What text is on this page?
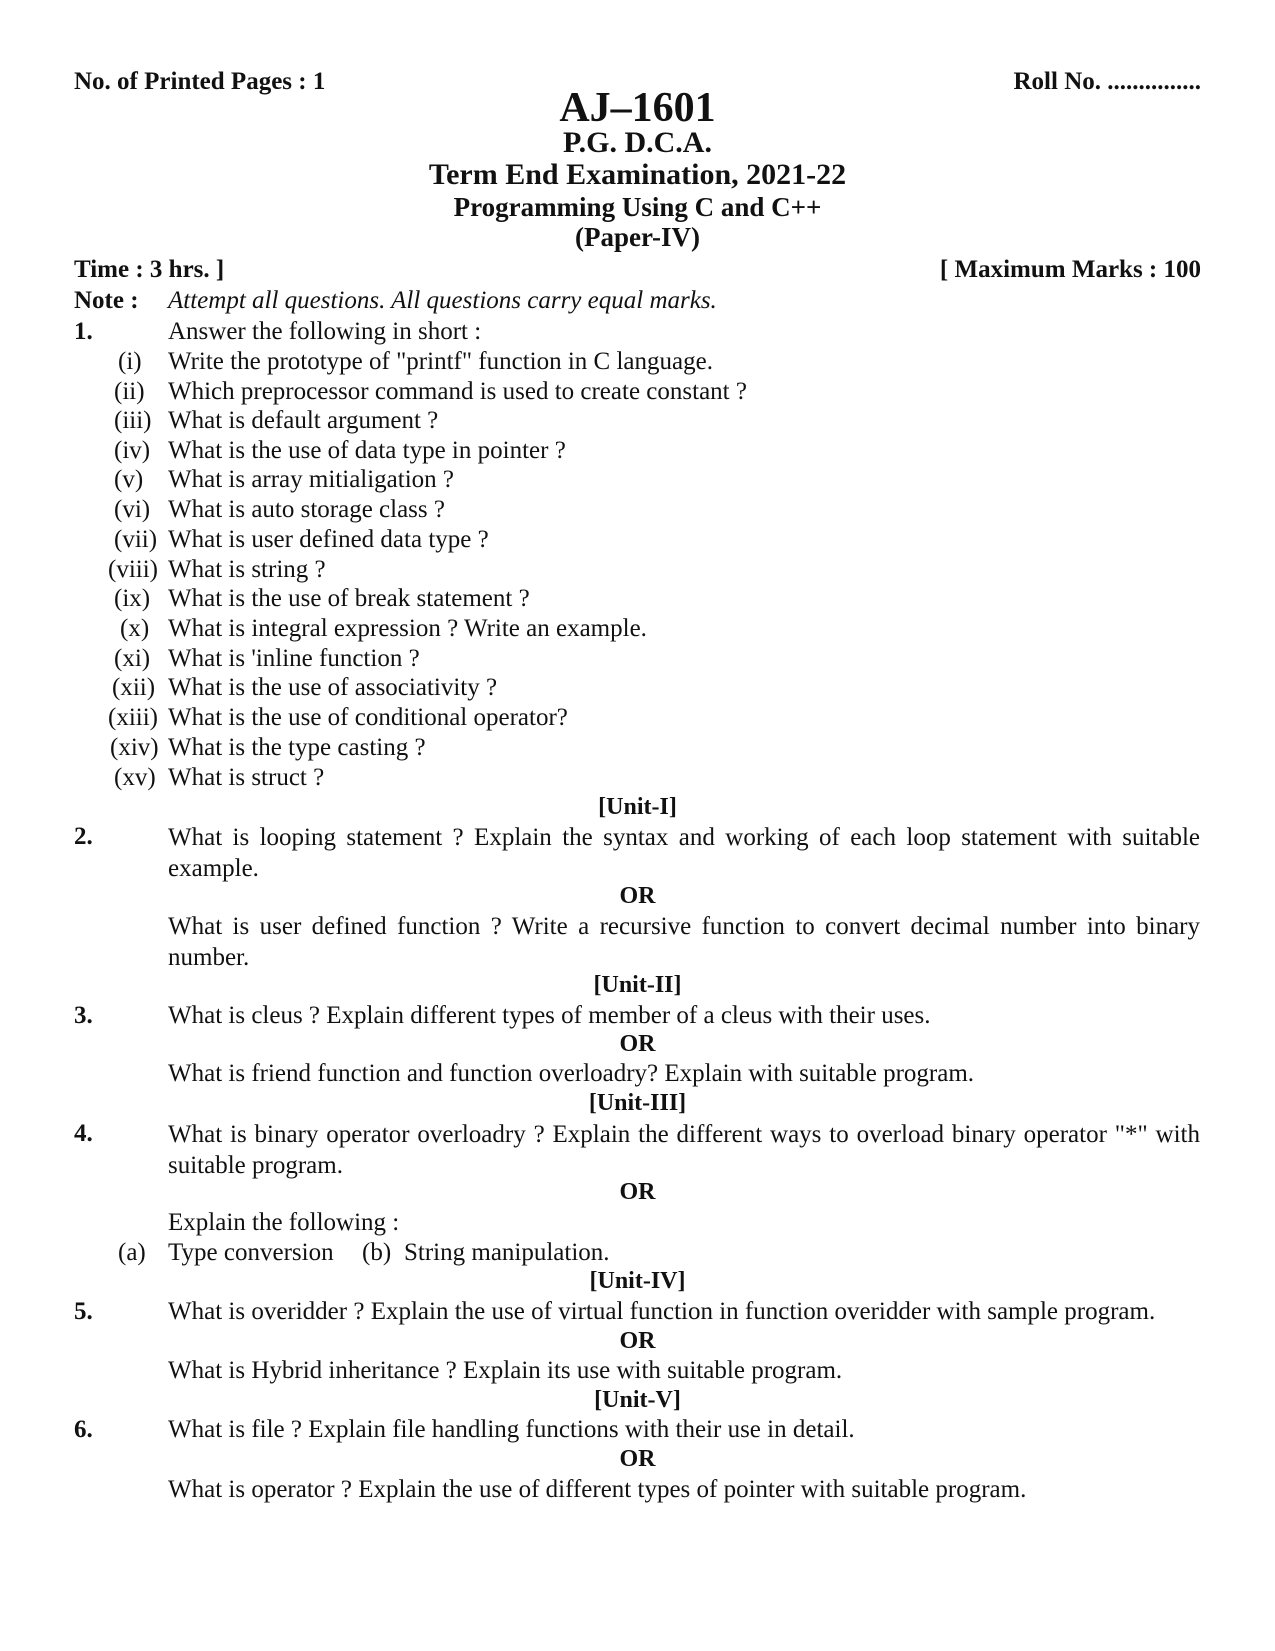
No. of Printed Pages : 1	Roll No. ...............
AJ–1601
P.G. D.C.A.
Term End Examination, 2021-22
Programming Using C and C++
(Paper-IV)
Time : 3 hrs. ]	[ Maximum Marks : 100
Note : Attempt all questions. All questions carry equal marks.
1.	Answer the following in short :
(i) Write the prototype of "printf" function in C language.
(ii) Which preprocessor command is used to create constant ?
(iii) What is default argument ?
(iv) What is the use of data type in pointer ?
(v) What is array mitialigation ?
(vi) What is auto storage class ?
(vii) What is user defined data type ?
(viii) What is string ?
(ix) What is the use of break statement ?
(x) What is integral expression ? Write an example.
(xi) What is 'inline function ?
(xii) What is the use of associativity ?
(xiii) What is the use of conditional operator?
(xiv) What is the type casting ?
(xv) What is struct ?
[Unit-I]
2.	What is looping statement ? Explain the syntax and working of each loop statement with suitable example.
OR
What is user defined function ? Write a recursive function to convert decimal number into binary number.
[Unit-II]
3.	What is cleus ? Explain different types of member of a cleus with their uses.
OR
What is friend function and function overloadry? Explain with suitable program.
[Unit-III]
4.	What is binary operator overloadry ? Explain the different ways to overload binary operator "*" with suitable program.
OR
Explain the following :
(a) Type conversion (b) String manipulation.
[Unit-IV]
5.	What is overidder ? Explain the use of virtual function in function overidder with sample program.
OR
What is Hybrid inheritance ? Explain its use with suitable program.
[Unit-V]
6.	What is file ? Explain file handling functions with their use in detail.
OR
What is operator ? Explain the use of different types of pointer with suitable program.
